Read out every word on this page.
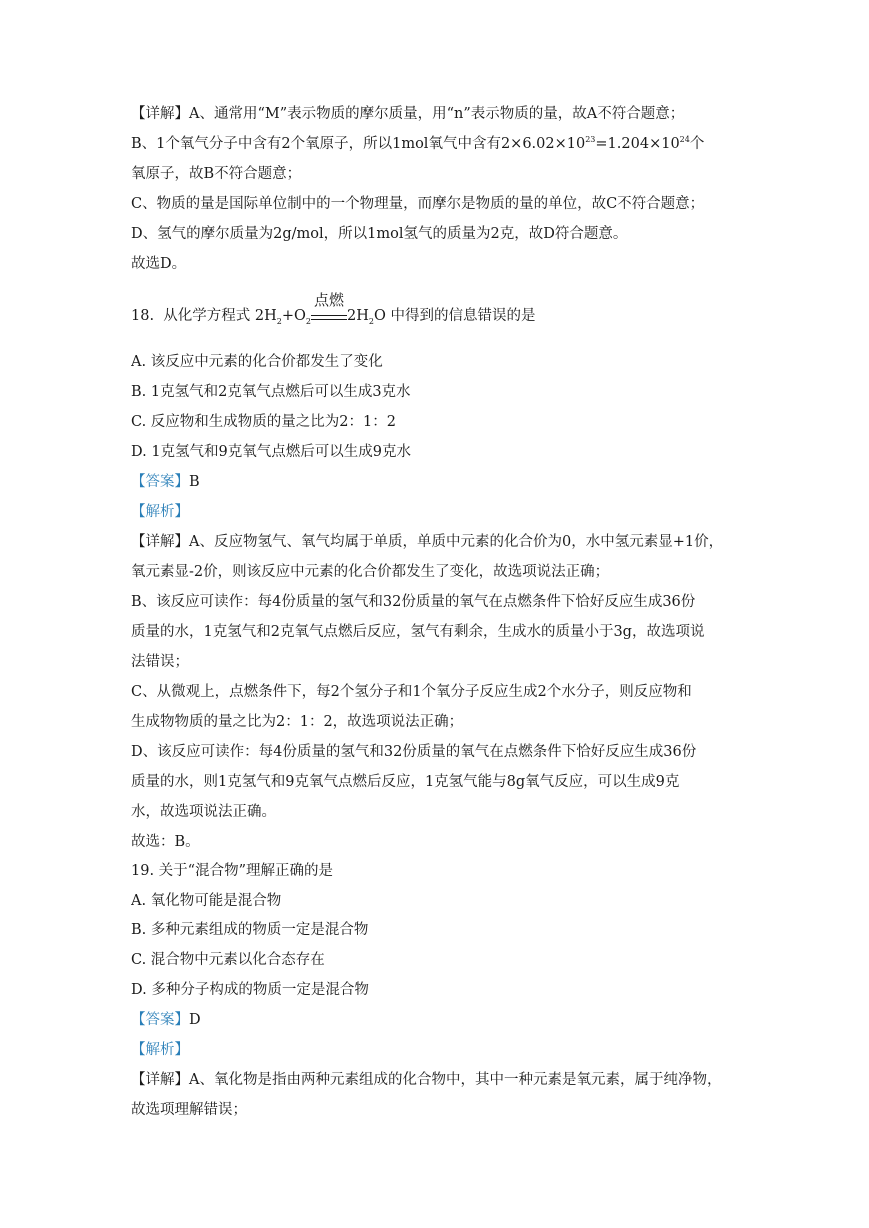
【详解】A、通常用“M”表示物质的摩尔质量，用“n”表示物质的量，故A不符合题意；
B、1个氧气分子中含有2个氧原子，所以1mol氧气中含有$2\times 6.02\times 10^{23}=1.204\times 10^{24}$个
氧原子，故B不符合题意；
C、物质的量是国际单位制中的一个物理量，而摩尔是物质的量的单位，故C不符合题意；
D、氢气的摩尔质量为2g/mol，所以1mol氢气的质量为2克，故D符合题意。
故选D。
18. 从化学方程式 $2H_2+O_2$
点燃
$2H_2O$ 中得到的信息错误的是
A. 该反应中元素的化合价都发生了变化
B. 1克氢气和2克氧气点燃后可以生成3克水
C. 反应物和生成物质的量之比为2：1：2
D. 1克氢气和9克氧气点燃后可以生成9克水
【答案】B
【解析】
【详解】A、反应物氢气、氧气均属于单质，单质中元素的化合价为0，水中氢元素显+1价，
氧元素显-2价，则该反应中元素的化合价都发生了变化，故选项说法正确；
B、该反应可读作：每4份质量的氢气和32份质量的氧气在点燃条件下恰好反应生成36份
质量的水，1克氢气和2克氧气点燃后反应，氢气有剩余，生成水的质量小于3g，故选项说
法错误；
C、从微观上，点燃条件下，每2个氢分子和1个氧分子反应生成2个水分子，则反应物和
生成物物质的量之比为2：1：2，故选项说法正确；
D、该反应可读作：每4份质量的氢气和32份质量的氧气在点燃条件下恰好反应生成36份
质量的水，则1克氢气和9克氧气点燃后反应，1克氢气能与8g氧气反应，可以生成9克
水，故选项说法正确。
故选：B。
19. 关于“混合物”理解正确的是
A. 氧化物可能是混合物
B. 多种元素组成的物质一定是混合物
C. 混合物中元素以化合态存在
D. 多种分子构成的物质一定是混合物
【答案】D
【解析】
【详解】A、氧化物是指由两种元素组成的化合物中，其中一种元素是氧元素，属于纯净物，
故选项理解错误；
